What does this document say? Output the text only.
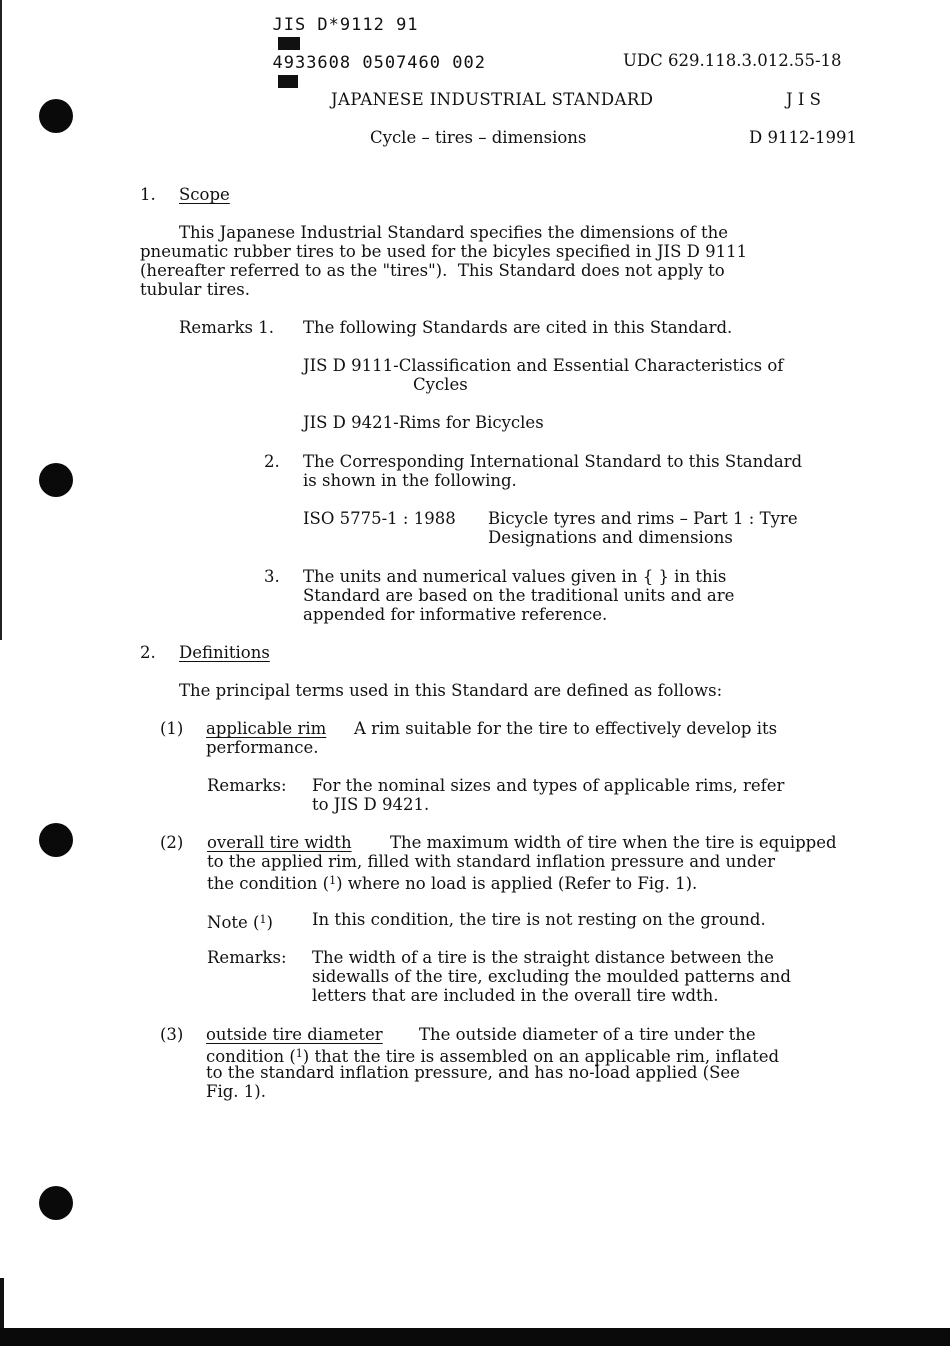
JIS D*9112 91

4933608 0507460 002
	UDC 629.118.3.012.55-18
JAPANESE INDUSTRIAL STANDARD	J I S
Cycle – tires – dimensions	D 9112-1991
1. Scope
This Japanese Industrial Standard specifies the dimensions of the
pneumatic rubber tires to be used for the bicyles specified in JIS D 9111
(hereafter referred to as the "tires").  This Standard does not apply to
tubular tires.
Remarks 1. The following Standards are cited in this Standard.
JIS D 9111-Classification and Essential Characteristics of
Cycles
JIS D 9421-Rims for Bicycles
2. The Corresponding International Standard to this Standard
is shown in the following.
ISO 5775-1 : 1988 Bicycle tyres and rims – Part 1 : Tyre
Designations and dimensions
3. The units and numerical values given in { } in this
Standard are based on the traditional units and are
appended for informative reference.
2. Definitions
The principal terms used in this Standard are defined as follows:
(1) applicable rim A rim suitable for the tire to effectively develop its
performance.
Remarks: For the nominal sizes and types of applicable rims, refer
to JIS D 9421.
(2) overall tire width The maximum width of tire when the tire is equipped
to the applied rim, filled with standard inflation pressure and under
the condition ($^1$) where no load is applied (Refer to Fig. 1).
Note ($^1$) In this condition, the tire is not resting on the ground.
Remarks: The width of a tire is the straight distance between the
sidewalls of the tire, excluding the moulded patterns and
letters that are included in the overall tire wdth.
(3) outside tire diameter The outside diameter of a tire under the
condition ($^1$) that the tire is assembled on an applicable rim, inflated
to the standard inflation pressure, and has no-load applied (See
Fig. 1).
